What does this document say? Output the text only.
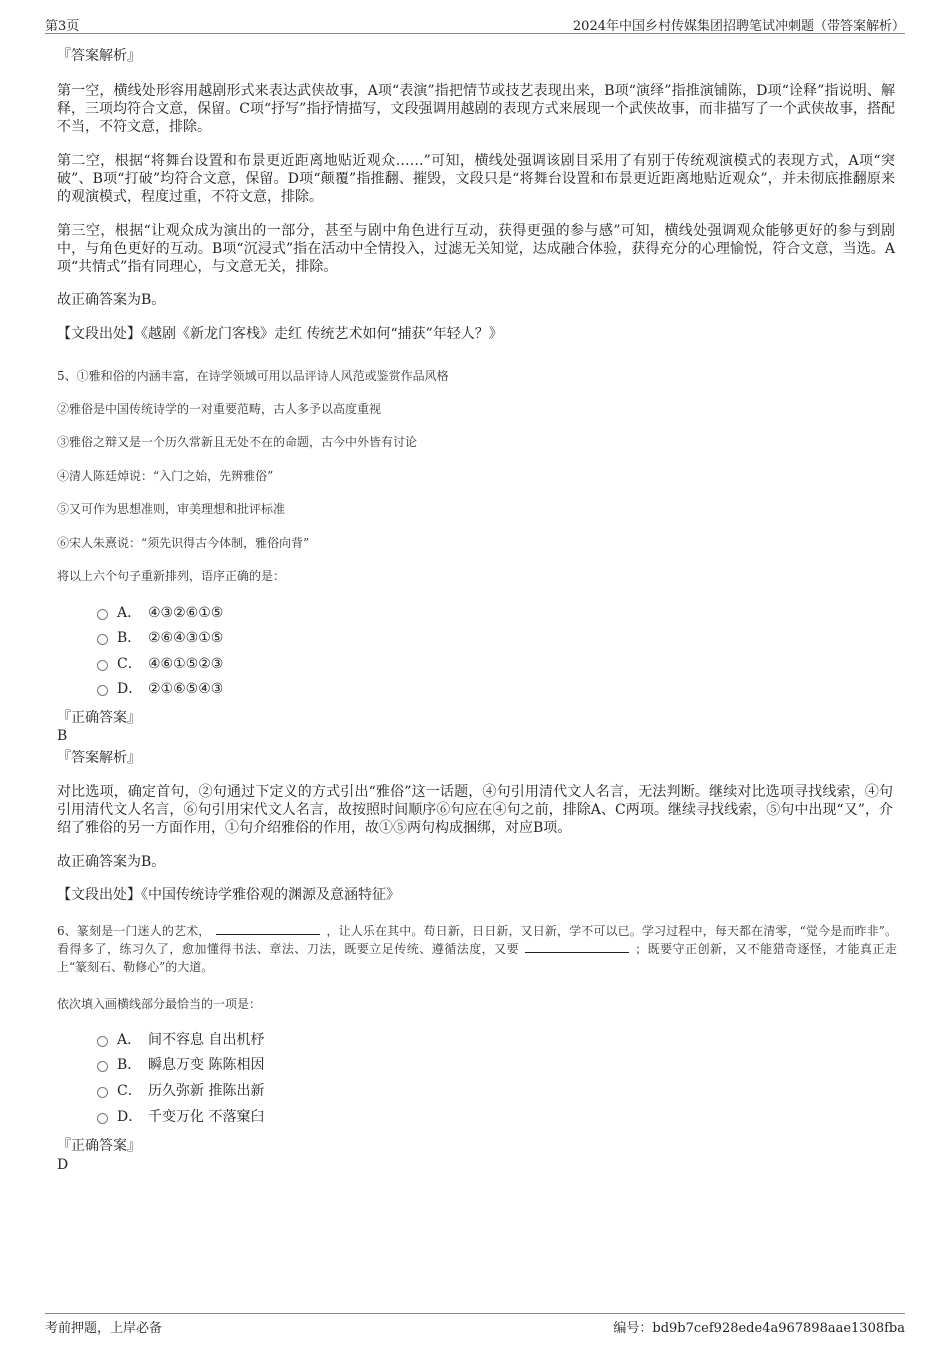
第3页	2024年中国乡村传媒集团招聘笔试冲刺题（带答案解析）
『答案解析』

第一空，横线处形容用越剧形式来表达武侠故事，A项“表演”指把情节或技艺表现出来，B项“演绎”指推演铺陈，D项“诠释”指说明、解释，三项均符合文意，保留。C项“抒写”指抒情描写，文段强调用越剧的表现方式来展现一个武侠故事，而非描写了一个武侠故事，搭配不当，不符文意，排除。

第二空，根据“将舞台设置和布景更近距离地贴近观众……”可知，横线处强调该剧目采用了有别于传统观演模式的表现方式，A项“突破”、B项“打破”均符合文意，保留。D项“颠覆”指推翻、摧毁，文段只是“将舞台设置和布景更近距离地贴近观众”，并未彻底推翻原来的观演模式，程度过重，不符文意，排除。

第三空，根据“让观众成为演出的一部分，甚至与剧中角色进行互动，获得更强的参与感”可知，横线处强调观众能够更好的参与到剧中，与角色更好的互动。B项“沉浸式”指在活动中全情投入，过滤无关知觉，达成融合体验，获得充分的心理愉悦，符合文意，当选。A项“共情式”指有同理心，与文意无关，排除。

故正确答案为B。
【文段出处】《越剧《新龙门客栈》走红 传统艺术如何“捕获”年轻人？》
5、①雅和俗的内涵丰富，在诗学领域可用以品评诗人风范或鉴赏作品风格
②雅俗是中国传统诗学的一对重要范畴，古人多予以高度重视
③雅俗之辩又是一个历久常新且无处不在的命题，古今中外皆有讨论
④清人陈廷焯说：“入门之始，先辨雅俗”
⑤又可作为思想准则，审美理想和批评标准
⑥宋人朱熹说：“须先识得古今体制，雅俗向背”
将以上六个句子重新排列，语序正确的是：
A． ④③②⑥①⑤
B． ②⑥④③①⑤
C． ④⑥①⑤②③
D． ②①⑥⑤④③
『正确答案』
B
『答案解析』

对比选项，确定首句，②句通过下定义的方式引出“雅俗”这一话题，④句引用清代文人名言，无法判断。继续对比选项寻找线索，④句引用清代文人名言，⑥句引用宋代文人名言，故按照时间顺序⑥句应在④句之前，排除A、C两项。继续寻找线索，⑤句中出现“又”，介绍了雅俗的另一方面作用，①句介绍雅俗的作用，故①⑤两句构成捆绑，对应B项。

故正确答案为B。
【文段出处】《中国传统诗学雅俗观的渊源及意涵特征》
6、篆刻是一门迷人的艺术，	，让人乐在其中。苟日新，日日新，又日新，学不可以已。学习过程中，每天都在清零，“觉今是而昨非”。看得多了，练习久了，愈加懂得书法、章法、刀法，既要立足传统、遵循法度，又要	；既要守正创新，又不能猎奇逐怪，才能真正走上“篆刻石、勒修心”的大道。
依次填入画横线部分最恰当的一项是：
A． 间不容息 自出机杼
B． 瞬息万变 陈陈相因
C． 历久弥新 推陈出新
D． 千变万化 不落窠臼
『正确答案』
D
考前押题，上岸必备	编号：bd9b7cef928ede4a967898aae1308fba
